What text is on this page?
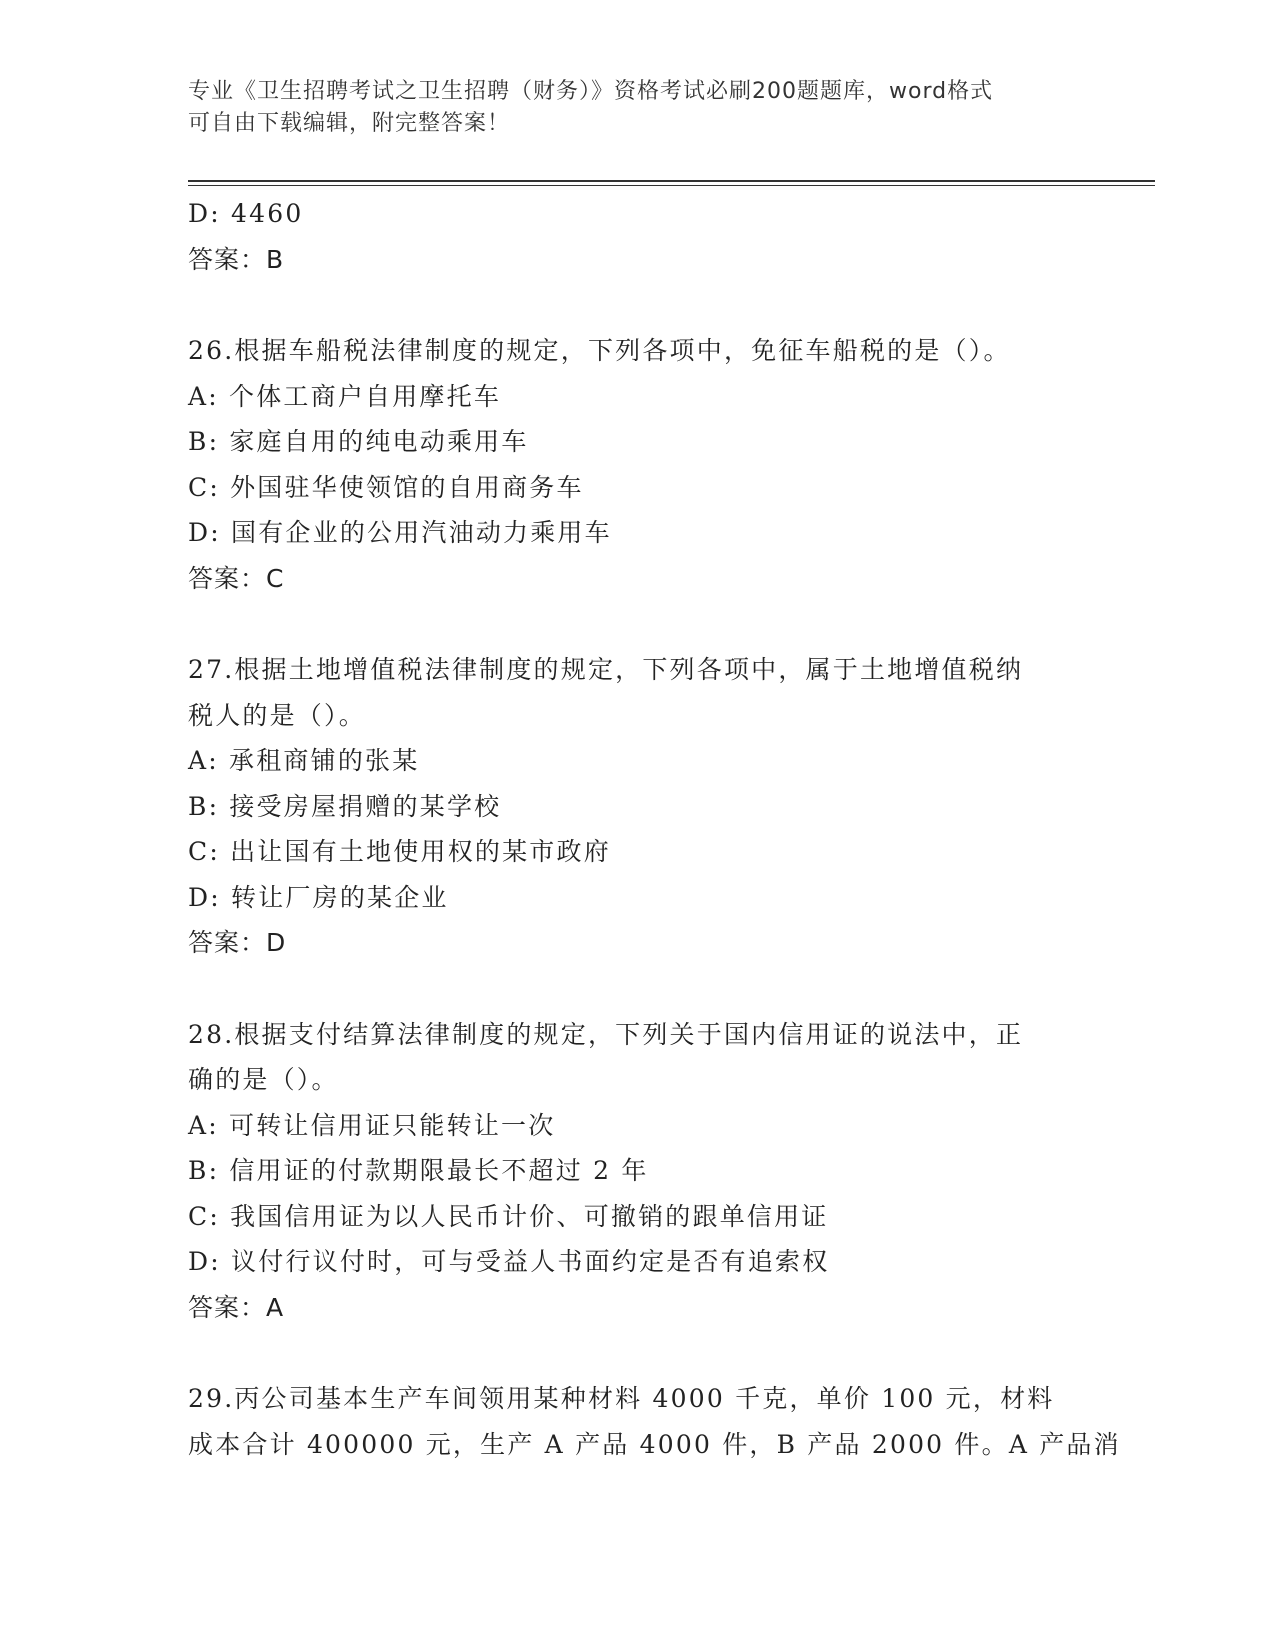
专业《卫生招聘考试之卫生招聘（财务）》资格考试必刷200题题库，word格式
可自由下载编辑，附完整答案！
D: 4460
答案：B
26.根据车船税法律制度的规定，下列各项中，免征车船税的是（）。
A: 个体工商户自用摩托车
B: 家庭自用的纯电动乘用车
C: 外国驻华使领馆的自用商务车
D: 国有企业的公用汽油动力乘用车
答案：C
27.根据土地增值税法律制度的规定，下列各项中，属于土地增值税纳
税人的是（）。
A: 承租商铺的张某
B: 接受房屋捐赠的某学校
C: 出让国有土地使用权的某市政府
D: 转让厂房的某企业
答案：D
28.根据支付结算法律制度的规定，下列关于国内信用证的说法中，正
确的是（）。
A: 可转让信用证只能转让一次
B: 信用证的付款期限最长不超过 2 年
C: 我国信用证为以人民币计价、可撤销的跟单信用证
D: 议付行议付时，可与受益人书面约定是否有追索权
答案：A
29.丙公司基本生产车间领用某种材料 4000 千克，单价 100 元，材料
成本合计 400000 元，生产 A 产品 4000 件，B 产品 2000 件。A 产品消
